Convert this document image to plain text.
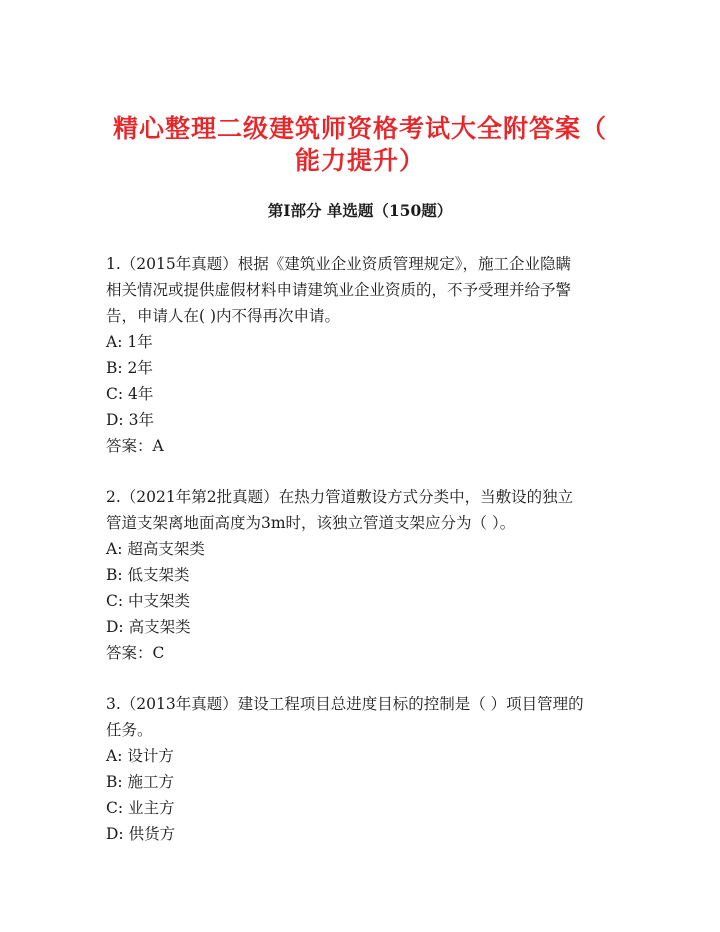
精心整理二级建筑师资格考试大全附答案（
能力提升）
第Ⅰ部分 单选题（150题）

1.（2015年真题）根据《建筑业企业资质管理规定》，施工企业隐瞒

相关情况或提供虚假材料申请建筑业企业资质的，不予受理并给予警

告，申请人在( )内不得再次申请。

A: 1年

B: 2年

C: 4年

D: 3年

答案：A

2.（2021年第2批真题）在热力管道敷设方式分类中，当敷设的独立

管道支架离地面高度为3m时，该独立管道支架应分为（ ）。

A: 超高支架类

B: 低支架类

C: 中支架类

D: 高支架类

答案：C

3.（2013年真题）建设工程项目总进度目标的控制是（ ）项目管理的

任务。

A: 设计方

B: 施工方

C: 业主方

D: 供货方
